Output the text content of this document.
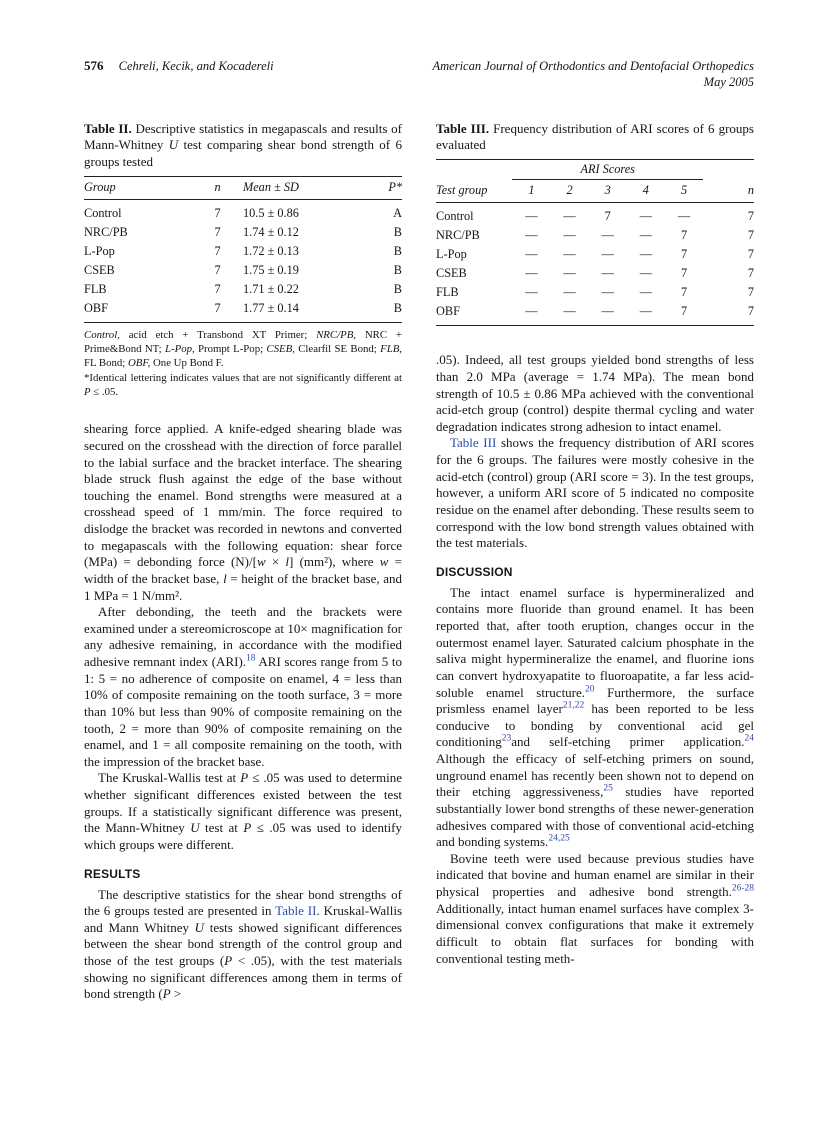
576 Cehreli, Kecik, and Kocadereli	American Journal of Orthodontics and Dentofacial Orthopedics
May 2005

Table II. Descriptive statistics in megapascals and results of Mann-Whitney U test comparing shear bond strength of 6 groups tested

Group	n	Mean ± SD	P*
Control	7	10.5 ± 0.86	A
NRC/PB	7	1.74 ± 0.12	B
L-Pop	7	1.72 ± 0.13	B
CSEB	7	1.75 ± 0.19	B
FLB	7	1.71 ± 0.22	B
OBF	7	1.77 ± 0.14	B

Control, acid etch + Transbond XT Primer; NRC/PB, NRC + Prime&Bond NT; L-Pop, Prompt L-Pop; CSEB, Clearfil SE Bond; FLB, FL Bond; OBF, One Up Bond F.

*Identical lettering indicates values that are not significantly different at P ≤ .05.

shearing force applied. A knife-edged shearing blade was secured on the crosshead with the direction of force parallel to the labial surface and the bracket interface. The shearing blade struck flush against the edge of the base without touching the enamel. Bond strengths were measured at a crosshead speed of 1 mm/min. The force required to dislodge the bracket was recorded in newtons and converted to megapascals with the following equation: shear force (MPa) = debonding force (N)/[w × l] (mm²), where w = width of the bracket base, l = height of the bracket base, and 1 MPa = 1 N/mm².

After debonding, the teeth and the brackets were examined under a stereomicroscope at 10× magnification for any adhesive remaining, in accordance with the modified adhesive remnant index (ARI).$^{18}$ ARI scores range from 5 to 1: 5 = no adherence of composite on enamel, 4 = less than 10% of composite remaining on the tooth surface, 3 = more than 10% but less than 90% of composite remaining on the tooth, 2 = more than 90% of composite remaining on the enamel, and 1 = all composite remaining on the tooth, with the impression of the bracket base.

The Kruskal-Wallis test at P ≤ .05 was used to determine whether significant differences existed between the test groups. If a statistically significant difference was present, the Mann-Whitney U test at P ≤ .05 was used to identify which groups were different.

RESULTS

The descriptive statistics for the shear bond strengths of the 6 groups tested are presented in Table II. Kruskal-Wallis and Mann Whitney U tests showed significant differences between the shear bond strength of the control group and those of the test groups (P < .05), with the test materials showing no significant differences among them in terms of bond strength (P >

Table III. Frequency distribution of ARI scores of 6 groups evaluated

	ARI Scores					
Test group	1	2	3	4	5	n
Control	—	—	7	—	—	7
NRC/PB	—	—	—	—	7	7
L-Pop	—	—	—	—	7	7
CSEB	—	—	—	—	7	7
FLB	—	—	—	—	7	7
OBF	—	—	—	—	7	7

.05). Indeed, all test groups yielded bond strengths of less than 2.0 MPa (average = 1.74 MPa). The mean bond strength of 10.5 ± 0.86 MPa achieved with the conventional acid-etch group (control) despite thermal cycling and water degradation indicates strong adhesion to intact enamel.

Table III shows the frequency distribution of ARI scores for the 6 groups. The failures were mostly cohesive in the acid-etch (control) group (ARI score = 3). In the test groups, however, a uniform ARI score of 5 indicated no composite residue on the enamel after debonding. These results seem to correspond with the low bond strength values obtained with the test materials.

DISCUSSION

The intact enamel surface is hypermineralized and contains more fluoride than ground enamel. It has been reported that, after tooth eruption, changes occur in the outermost enamel layer. Saturated calcium phosphate in the saliva might hypermineralize the enamel, and fluorine ions can convert hydroxyapatite to fluoroapatite, a far less acid-soluble enamel structure.$^{20}$ Furthermore, the surface prismless enamel layer$^{21,22}$ has been reported to be less conducive to bonding by conventional acid gel conditioning$^{23}$and self-etching primer application.$^{24}$ Although the efficacy of self-etching primers on sound, unground enamel has recently been shown not to depend on their etching aggressiveness,$^{25}$ studies have reported substantially lower bond strengths of these newer-generation adhesives compared with those of conventional acid-etching and bonding systems.$^{24,25}$

Bovine teeth were used because previous studies have indicated that bovine and human enamel are similar in their physical properties and adhesive bond strength.$^{26-28}$ Additionally, intact human enamel surfaces have complex 3-dimensional convex configurations that make it extremely difficult to obtain flat surfaces for bonding with conventional testing meth-
